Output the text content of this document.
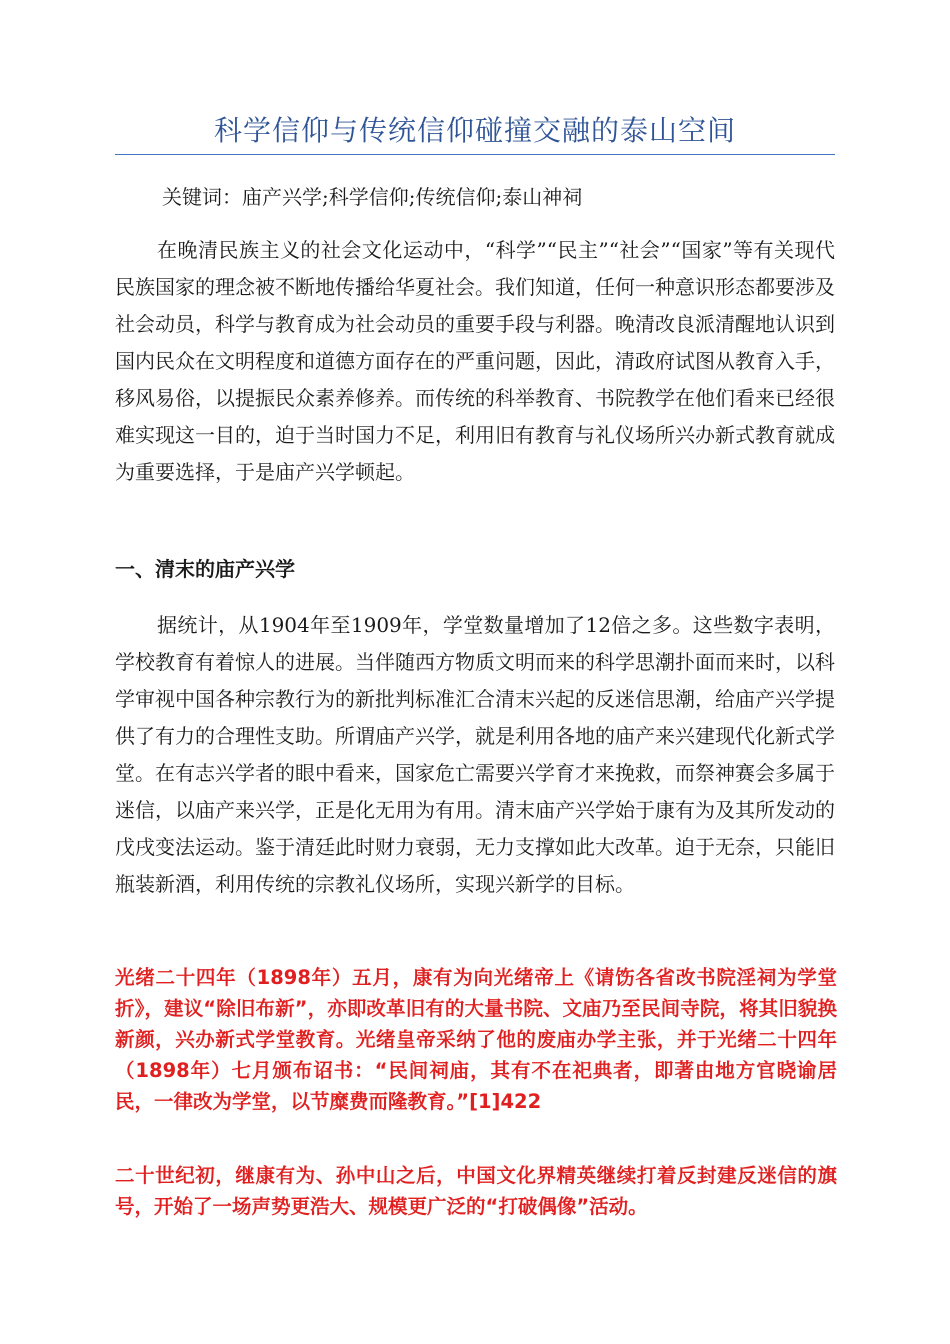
科学信仰与传统信仰碰撞交融的泰山空间
关键词：庙产兴学;科学信仰;传统信仰;泰山神祠

在晚清民族主义的社会文化运动中，“科学”“民主”“社会”“国家”等有关现代民族国家的理念被不断地传播给华夏社会。我们知道，任何一种意识形态都要涉及社会动员，科学与教育成为社会动员的重要手段与利器。晚清改良派清醒地认识到国内民众在文明程度和道德方面存在的严重问题，因此，清政府试图从教育入手，移风易俗，以提振民众素养修养。而传统的科举教育、书院教学在他们看来已经很难实现这一目的，迫于当时国力不足，利用旧有教育与礼仪场所兴办新式教育就成为重要选择，于是庙产兴学顿起。

一、清末的庙产兴学

据统计，从1904年至1909年，学堂数量增加了12倍之多。这些数字表明，学校教育有着惊人的进展。当伴随西方物质文明而来的科学思潮扑面而来时，以科学审视中国各种宗教行为的新批判标准汇合清末兴起的反迷信思潮，给庙产兴学提供了有力的合理性支助。所谓庙产兴学，就是利用各地的庙产来兴建现代化新式学堂。在有志兴学者的眼中看来，国家危亡需要兴学育才来挽救，而祭神赛会多属于迷信，以庙产来兴学，正是化无用为有用。清末庙产兴学始于康有为及其所发动的戊戌变法运动。鉴于清廷此时财力衰弱，无力支撑如此大改革。迫于无奈，只能旧瓶装新酒，利用传统的宗教礼仪场所，实现兴新学的目标。

光绪二十四年（1898年）五月，康有为向光绪帝上《请饬各省改书院淫祠为学堂折》，建议“除旧布新”，亦即改革旧有的大量书院、文庙乃至民间寺院，将其旧貌换新颜，兴办新式学堂教育。光绪皇帝采纳了他的废庙办学主张，并于光绪二十四年（1898年）七月颁布诏书：“民间祠庙，其有不在祀典者，即著由地方官晓谕居民，一律改为学堂，以节糜费而隆教育。”[1]422

二十世纪初，继康有为、孙中山之后，中国文化界精英继续打着反封建反迷信的旗号，开始了一场声势更浩大、规模更广泛的“打破偶像”活动。
